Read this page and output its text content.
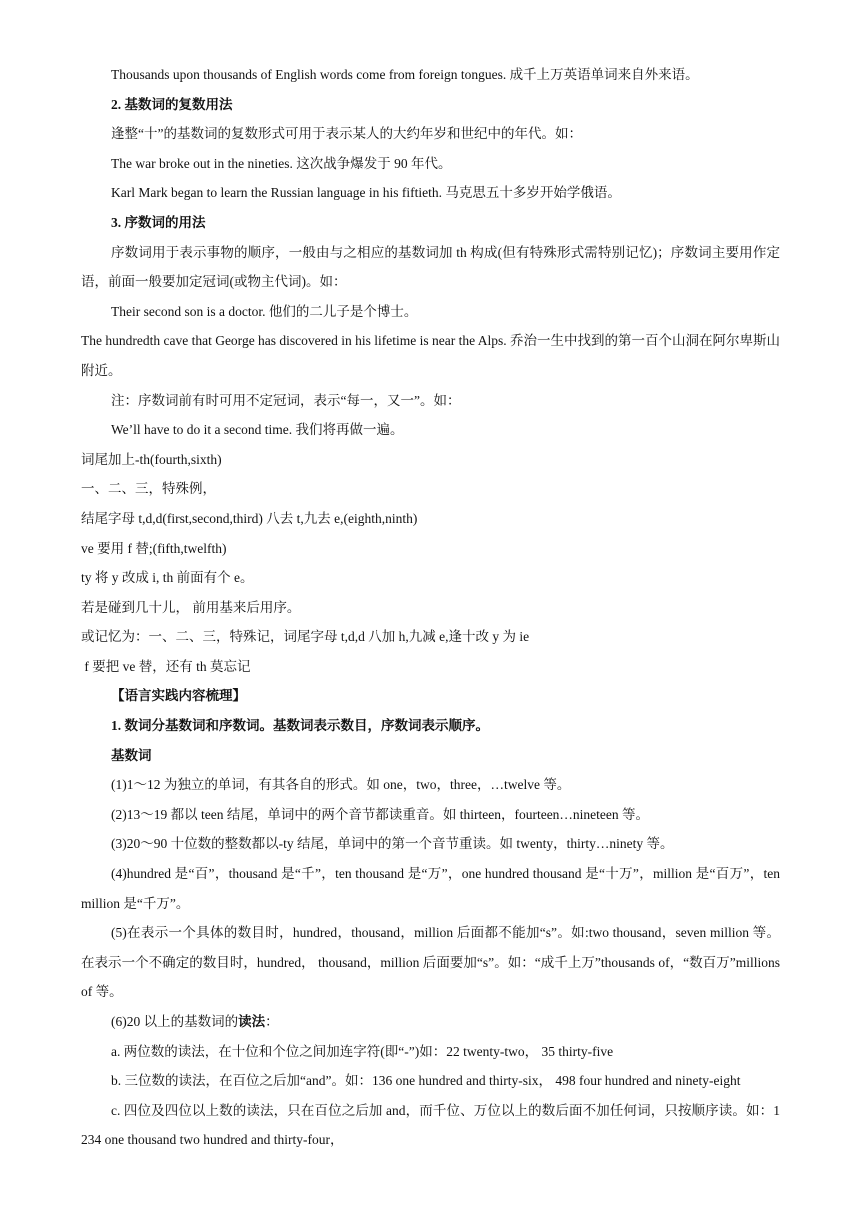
Thousands upon thousands of English words come from foreign tongues. 成千上万英语单词来自外来语。
2. 基数词的复数用法
逢整“十”的基数词的复数形式可用于表示某人的大约年岁和世纪中的年代。如：
The war broke out in the nineties. 这次战争爆发于 90 年代。
Karl Mark began to learn the Russian language in his fiftieth. 马克思五十多岁开始学俄语。
3. 序数词的用法
序数词用于表示事物的顺序，一般由与之相应的基数词加 th 构成(但有特殊形式需特别记忆)；序数词主要用作定语，前面一般要加定冠词(或物主代词)。如：
Their second son is a doctor. 他们的二儿子是个博士。
The hundredth cave that George has discovered in his lifetime is near the Alps. 乔治一生中找到的第一百个山洞在阿尔卑斯山附近。
注：序数词前有时可用不定冠词，表示“每一，又一”。如：
We’ll have to do it a second time. 我们将再做一遍。
词尾加上-th(fourth,sixth)
一、二、三，特殊例，
结尾字母 t,d,d(first,second,third) 八去 t,九去 e,(eighth,ninth)
ve 要用 f 替;(fifth,twelfth)
ty 将 y 改成 i, th 前面有个 e。
若是碰到几十儿， 前用基来后用序。
或记忆为：一、二、三，特殊记，词尾字母 t,d,d 八加 h,九减 e,逢十改 y 为 ie
f 要把 ve 替，还有 th 莫忘记
【语言实践内容梳理】
1. 数词分基数词和序数词。基数词表示数目，序数词表示顺序。
基数词
(1)1～12 为独立的单词，有其各自的形式。如 one，two，three，…twelve 等。
(2)13～19 都以 teen 结尾，单词中的两个音节都读重音。如 thirteen，fourteen…nineteen 等。
(3)20～90 十位数的整数都以-ty 结尾，单词中的第一个音节重读。如 twenty，thirty…ninety 等。
(4)hundred 是“百”，thousand 是“千”，ten thousand 是“万”，one hundred thousand 是“十万”，million 是“百万”，ten million 是“千万”。
(5)在表示一个具体的数目时，hundred，thousand，million 后面都不能加“s”。如:two thousand，seven million 等。在表示一个不确定的数目时，hundred， thousand，million 后面要加“s”。如：“成千上万”thousands of，“数百万”millions of 等。
(6)20 以上的基数词的读法：
a. 两位数的读法，在十位和个位之间加连字符(即“-”)如：22 twenty-two， 35 thirty-five
b. 三位数的读法，在百位之后加“and”。如：136 one hundred and thirty-six， 498 four hundred and ninety-eight
c. 四位及四位以上数的读法，只在百位之后加 and，而千位、万位以上的数后面不加任何词，只按顺序读。如：1 234 one thousand two hundred and thirty-four，
